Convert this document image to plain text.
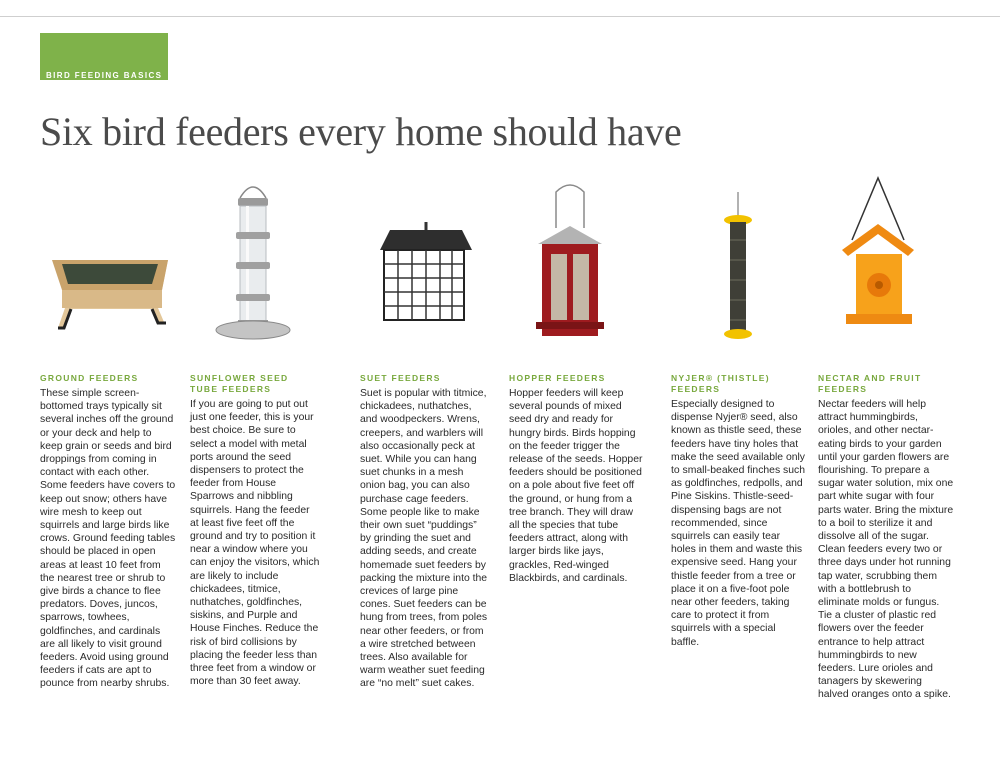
BIRD FEEDING BASICS
Six bird feeders every home should have
GROUND FEEDERS

These simple screen-bottomed trays typically sit several inches off the ground or your deck and help to keep grain or seeds and bird droppings from coming in contact with each other. Some feeders have covers to keep out snow; others have wire mesh to keep out squirrels and large birds like crows. Ground feeding tables should be placed in open areas at least 10 feet from the nearest tree or shrub to give birds a chance to flee predators. Doves, juncos, sparrows, towhees, goldfinches, and cardinals are all likely to visit ground feeders. Avoid using ground feeders if cats are apt to pounce from nearby shrubs.

SUNFLOWER SEED TUBE FEEDERS

If you are going to put out just one feeder, this is your best choice. Be sure to select a model with metal ports around the seed dispensers to protect the feeder from House Sparrows and nibbling squirrels. Hang the feeder at least five feet off the ground and try to position it near a window where you can enjoy the visitors, which are likely to include chickadees, titmice, nuthatches, goldfinches, siskins, and Purple and House Finches. Reduce the risk of bird collisions by placing the feeder less than three feet from a window or more than 30 feet away.

SUET FEEDERS

Suet is popular with titmice, chickadees, nuthatches, and woodpeckers. Wrens, creepers, and warblers will also occasionally peck at suet. While you can hang suet chunks in a mesh onion bag, you can also purchase cage feeders. Some people like to make their own suet “puddings” by grinding the suet and adding seeds, and create homemade suet feeders by packing the mixture into the crevices of large pine cones. Suet feeders can be hung from trees, from poles near other feeders, or from a wire stretched between trees. Also available for warm weather suet feeding are “no melt” suet cakes.

HOPPER FEEDERS

Hopper feeders will keep several pounds of mixed seed dry and ready for hungry birds. Birds hopping on the feeder trigger the release of the seeds. Hopper feeders should be positioned on a pole about five feet off the ground, or hung from a tree branch. They will draw all the species that tube feeders attract, along with larger birds like jays, grackles, Red-winged Blackbirds, and cardinals.

NYJER® (THISTLE) FEEDERS

Especially designed to dispense Nyjer® seed, also known as thistle seed, these feeders have tiny holes that make the seed available only to small-beaked finches such as goldfinches, redpolls, and Pine Siskins. Thistle-seed-dispensing bags are not recommended, since squirrels can easily tear holes in them and waste this expensive seed. Hang your thistle feeder from a tree or place it on a five-foot pole near other feeders, taking care to protect it from squirrels with a special baffle.

NECTAR AND FRUIT FEEDERS

Nectar feeders will help attract hummingbirds, orioles, and other nectar-eating birds to your garden until your garden flowers are flourishing. To prepare a sugar water solution, mix one part white sugar with four parts water. Bring the mixture to a boil to sterilize it and dissolve all of the sugar. Clean feeders every two or three days under hot running tap water, scrubbing them with a bottlebrush to eliminate molds or fungus. Tie a cluster of plastic red flowers over the feeder entrance to help attract hummingbirds to new feeders. Lure orioles and tanagers by skewering halved oranges onto a spike.
